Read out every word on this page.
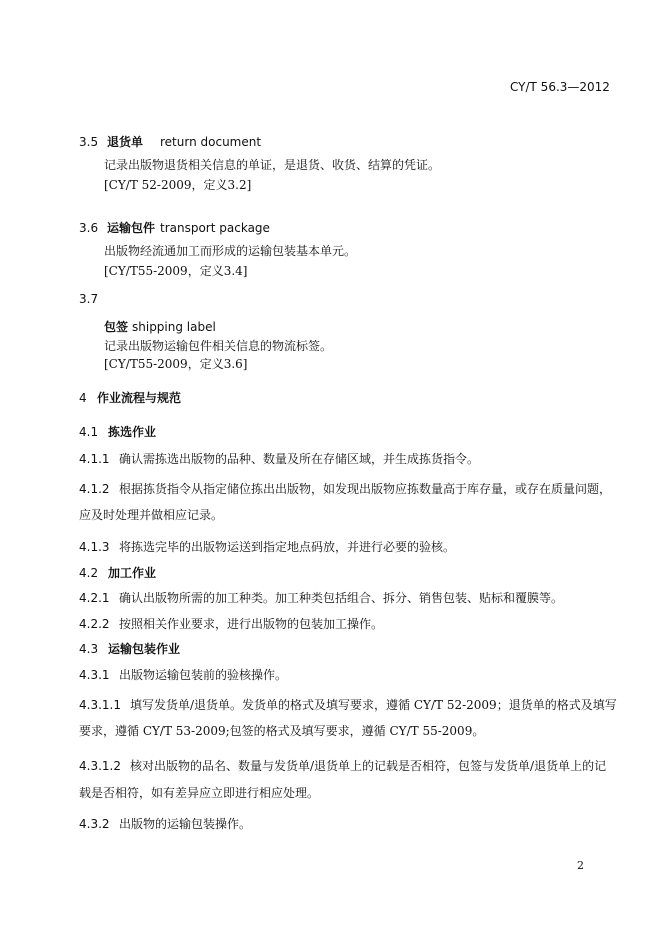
CY/T 56.3—2012
3.5 退货单 return document
记录出版物退货相关信息的单证，是退货、收货、结算的凭证。
[CY/T 52-2009，定义3.2]
3.6 运输包件 transport package
出版物经流通加工而形成的运输包装基本单元。
[CY/T55-2009，定义3.4]
3.7
包签 shipping label
记录出版物运输包件相关信息的物流标签。
[CY/T55-2009，定义3.6]
4 作业流程与规范
4.1 拣选作业
4.1.1 确认需拣选出版物的品种、数量及所在存储区域，并生成拣货指令。
4.1.2 根据拣货指令从指定储位拣出出版物，如发现出版物应拣数量高于库存量，或存在质量问题，
应及时处理并做相应记录。
4.1.3 将拣选完毕的出版物运送到指定地点码放，并进行必要的验核。
4.2 加工作业
4.2.1 确认出版物所需的加工种类。加工种类包括组合、拆分、销售包装、贴标和覆膜等。
4.2.2 按照相关作业要求，进行出版物的包装加工操作。
4.3 运输包装作业
4.3.1 出版物运输包装前的验核操作。
4.3.1.1 填写发货单/退货单。发货单的格式及填写要求，遵循 CY/T 52-2009；退货单的格式及填写
要求，遵循 CY/T 53-2009;包签的格式及填写要求，遵循 CY/T 55-2009。
4.3.1.2 核对出版物的品名、数量与发货单/退货单上的记载是否相符，包签与发货单/退货单上的记
载是否相符，如有差异应立即进行相应处理。
4.3.2 出版物的运输包装操作。
2
